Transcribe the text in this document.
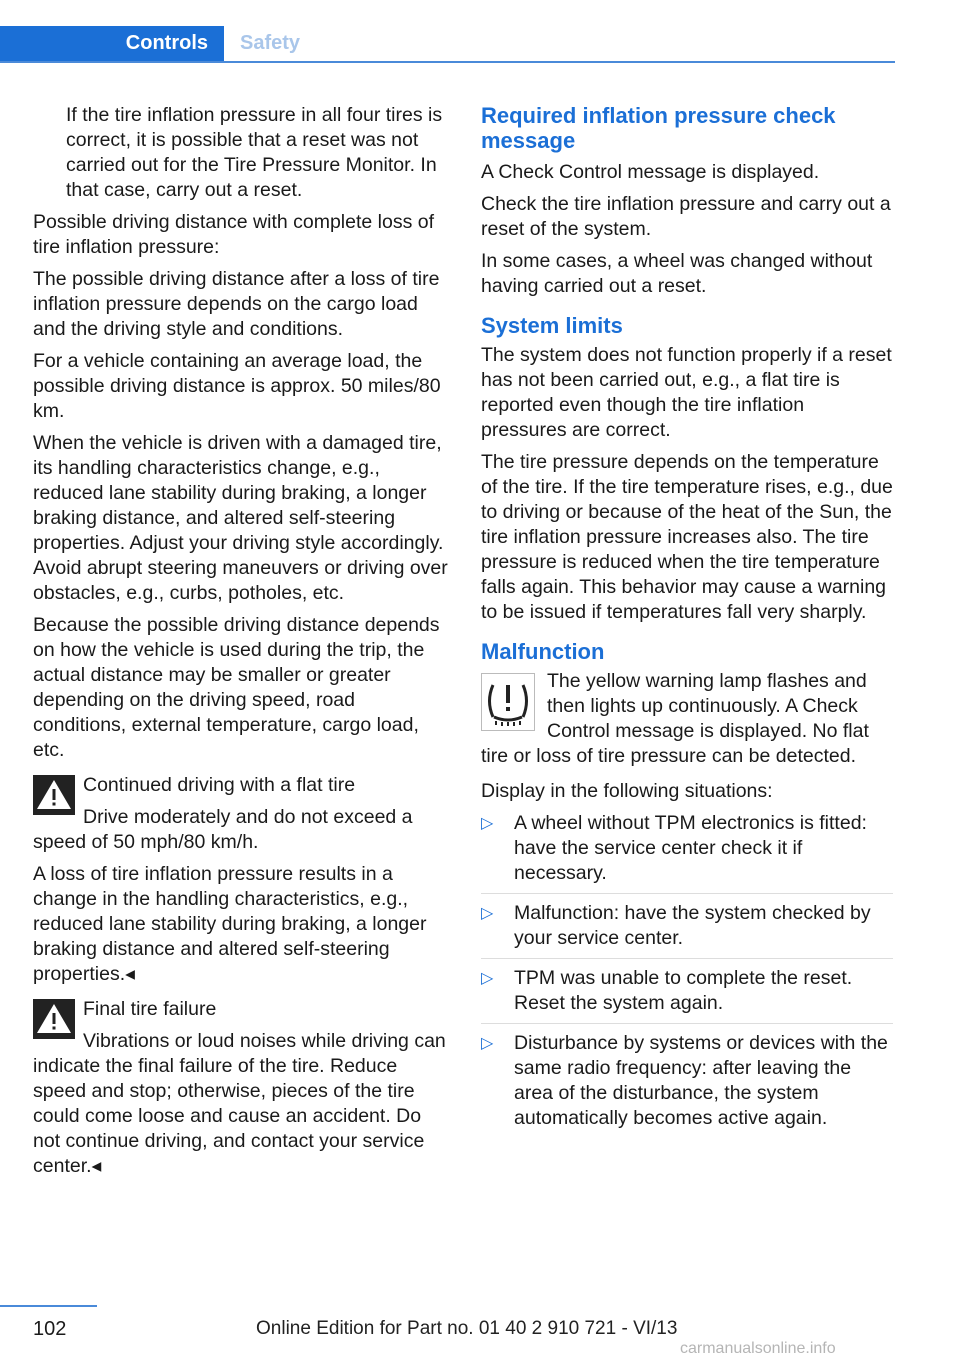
Controls	Safety

If the tire inflation pressure in all four tires is correct, it is possible that a reset was not carried out for the Tire Pressure Monitor. In that case, carry out a reset.

Possible driving distance with complete loss of tire inflation pressure:

The possible driving distance after a loss of tire inflation pressure depends on the cargo load and the driving style and conditions.

For a vehicle containing an average load, the possible driving distance is approx. 50 miles/80 km.

When the vehicle is driven with a damaged tire, its handling characteristics change, e.g., reduced lane stability during braking, a longer braking distance, and altered self-steering properties. Adjust your driving style accordingly. Avoid abrupt steering maneuvers or driving over obstacles, e.g., curbs, potholes, etc.

Because the possible driving distance depends on how the vehicle is used during the trip, the actual distance may be smaller or greater depending on the driving speed, road conditions, external temperature, cargo load, etc.

Continued driving with a flat tire

Drive moderately and do not exceed a speed of 50 mph/80 km/h.

A loss of tire inflation pressure results in a change in the handling characteristics, e.g., reduced lane stability during braking, a longer braking distance and altered self-steering properties.◂

Final tire failure

Vibrations or loud noises while driving can indicate the final failure of the tire. Reduce speed and stop; otherwise, pieces of the tire could come loose and cause an accident. Do not continue driving, and contact your service center.◂

Required inflation pressure check message

A Check Control message is displayed.

Check the tire inflation pressure and carry out a reset of the system.

In some cases, a wheel was changed without having carried out a reset.

System limits

The system does not function properly if a reset has not been carried out, e.g., a flat tire is reported even though the tire inflation pressures are correct.

The tire pressure depends on the temperature of the tire. If the tire temperature rises, e.g., due to driving or because of the heat of the Sun, the tire inflation pressure increases also. The tire pressure is reduced when the tire temperature falls again. This behavior may cause a warning to be issued if temperatures fall very sharply.

Malfunction

The yellow warning lamp flashes and then lights up continuously. A Check Control message is displayed. No flat tire or loss of tire pressure can be detected.

Display in the following situations:

▷ A wheel without TPM electronics is fitted: have the service center check it if necessary.
▷ Malfunction: have the system checked by your service center.
▷ TPM was unable to complete the reset. Reset the system again.
▷ Disturbance by systems or devices with the same radio frequency: after leaving the area of the disturbance, the system automatically becomes active again.
102	Online Edition for Part no. 01 40 2 910 721 - VI/13
carmanualsonline.info
